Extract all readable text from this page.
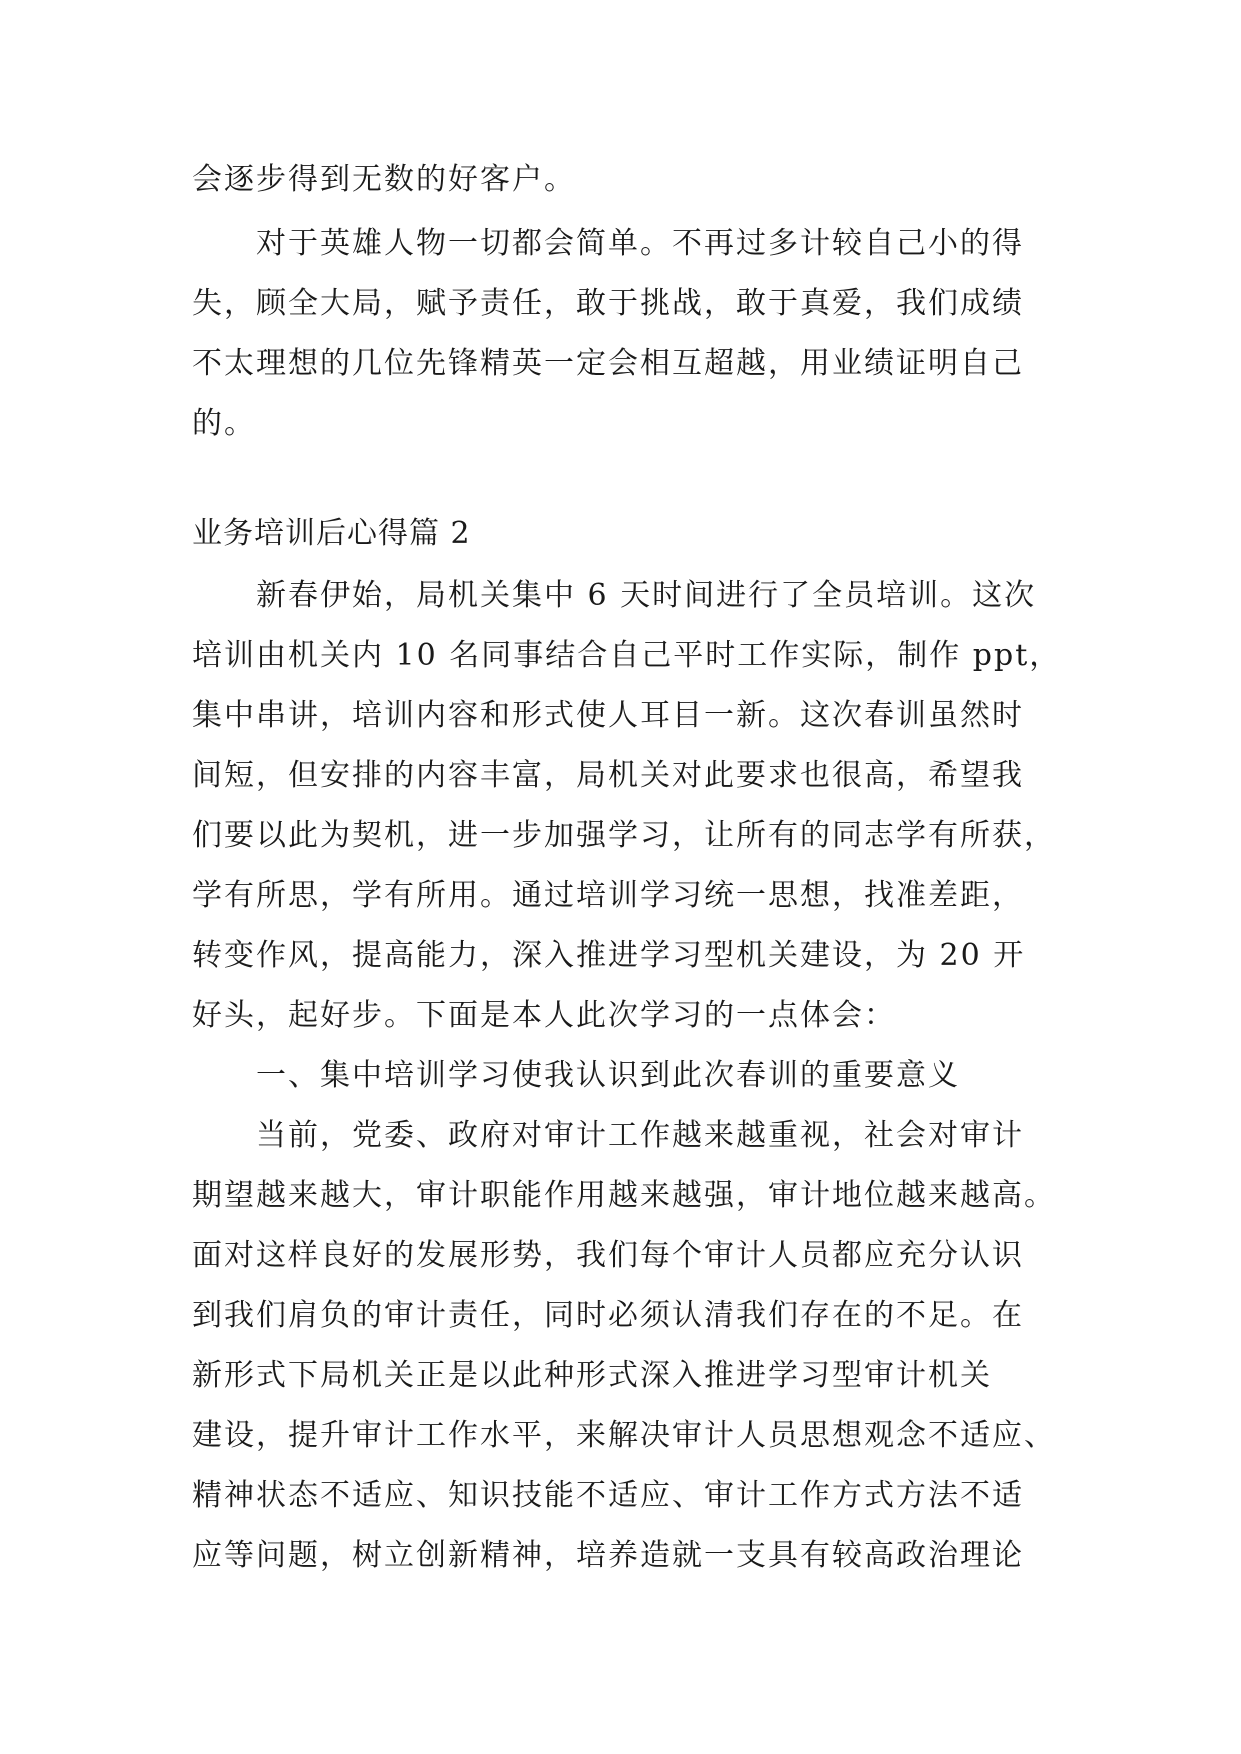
会逐步得到无数的好客户。
对于英雄人物一切都会简单。不再过多计较自己小的得
失，顾全大局，赋予责任，敢于挑战，敢于真爱，我们成绩
不太理想的几位先锋精英一定会相互超越，用业绩证明自己
的。
业务培训后心得篇 2
新春伊始，局机关集中 6 天时间进行了全员培训。这次
培训由机关内 10 名同事结合自己平时工作实际，制作 ppt，
集中串讲，培训内容和形式使人耳目一新。这次春训虽然时
间短，但安排的内容丰富，局机关对此要求也很高，希望我
们要以此为契机，进一步加强学习，让所有的同志学有所获，
学有所思，学有所用。通过培训学习统一思想，找准差距，
转变作风，提高能力，深入推进学习型机关建设，为 20 开
好头，起好步。下面是本人此次学习的一点体会：
一、集中培训学习使我认识到此次春训的重要意义
当前，党委、政府对审计工作越来越重视，社会对审计
期望越来越大，审计职能作用越来越强，审计地位越来越高。
面对这样良好的发展形势，我们每个审计人员都应充分认识
到我们肩负的审计责任，同时必须认清我们存在的不足。在
新形式下局机关正是以此种形式深入推进学习型审计机关
建设，提升审计工作水平，来解决审计人员思想观念不适应、
精神状态不适应、知识技能不适应、审计工作方式方法不适
应等问题，树立创新精神，培养造就一支具有较高政治理论
